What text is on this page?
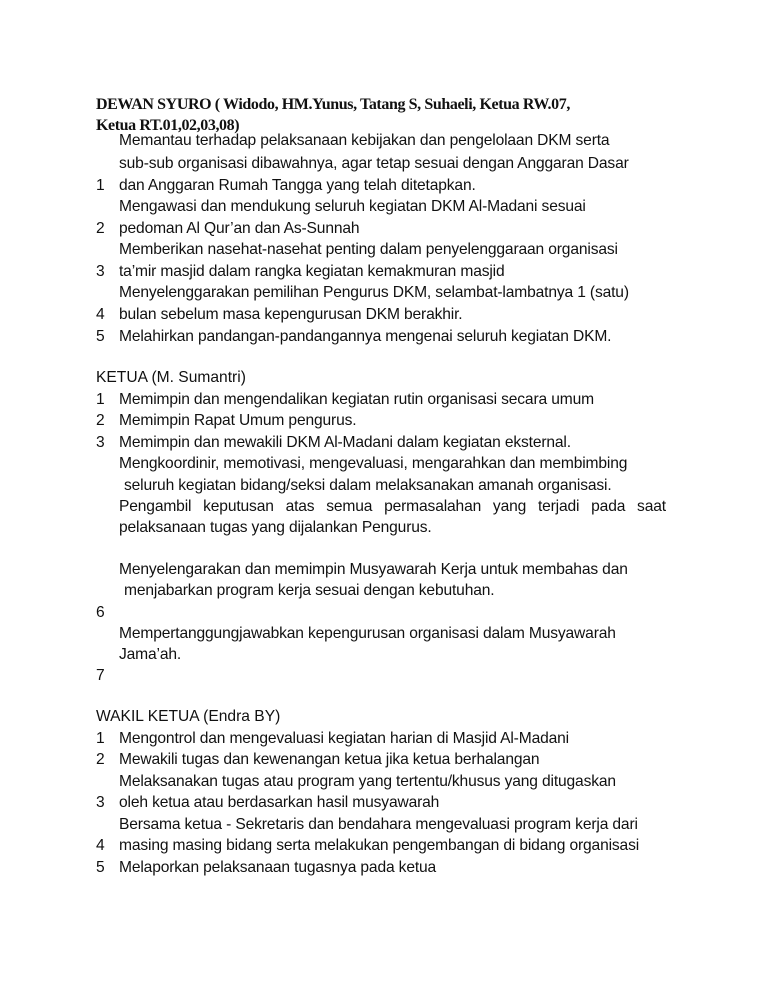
DEWAN SYURO ( Widodo, HM.Yunus, Tatang S, Suhaeli, Ketua RW.07,
Ketua RT.01,02,03,08)
Memantau terhadap pelaksanaan kebijakan dan pengelolaan DKM serta
sub-sub organisasi dibawahnya, agar tetap sesuai dengan Anggaran Dasar
1 dan Anggaran Rumah Tangga yang telah ditetapkan.
Mengawasi dan mendukung seluruh kegiatan DKM Al-Madani sesuai
2 pedoman Al Qur’an dan As-Sunnah
Memberikan nasehat-nasehat penting dalam penyelenggaraan organisasi
3 ta’mir masjid dalam rangka kegiatan kemakmuran masjid
Menyelenggarakan pemilihan Pengurus DKM, selambat-lambatnya 1 (satu)
4 bulan sebelum masa kepengurusan DKM berakhir.
5 Melahirkan pandangan-pandangannya mengenai seluruh kegiatan DKM.
KETUA (M. Sumantri)
1 Memimpin dan mengendalikan kegiatan rutin organisasi secara umum
2 Memimpin Rapat Umum pengurus.
3 Memimpin dan mewakili DKM Al-Madani dalam kegiatan eksternal.
Mengkoordinir, memotivasi, mengevaluasi, mengarahkan dan membimbing
seluruh kegiatan bidang/seksi dalam melaksanakan amanah organisasi.
Pengambil keputusan atas semua permasalahan yang terjadi pada saat
pelaksanaan tugas yang dijalankan Pengurus.
Menyelengarakan dan memimpin Musyawarah Kerja untuk membahas dan
menjabarkan program kerja sesuai dengan kebutuhan.
6
Mempertanggungjawabkan kepengurusan organisasi dalam Musyawarah
Jama’ah.
7
WAKIL KETUA (Endra BY)
1 Mengontrol dan mengevaluasi kegiatan harian di Masjid Al-Madani
2 Mewakili tugas dan kewenangan ketua jika ketua berhalangan
Melaksanakan tugas atau program yang tertentu/khusus yang ditugaskan
3 oleh ketua atau berdasarkan hasil musyawarah
Bersama ketua - Sekretaris dan bendahara mengevaluasi program kerja dari
4 masing masing bidang serta melakukan pengembangan di bidang organisasi
5 Melaporkan pelaksanaan tugasnya pada ketua
